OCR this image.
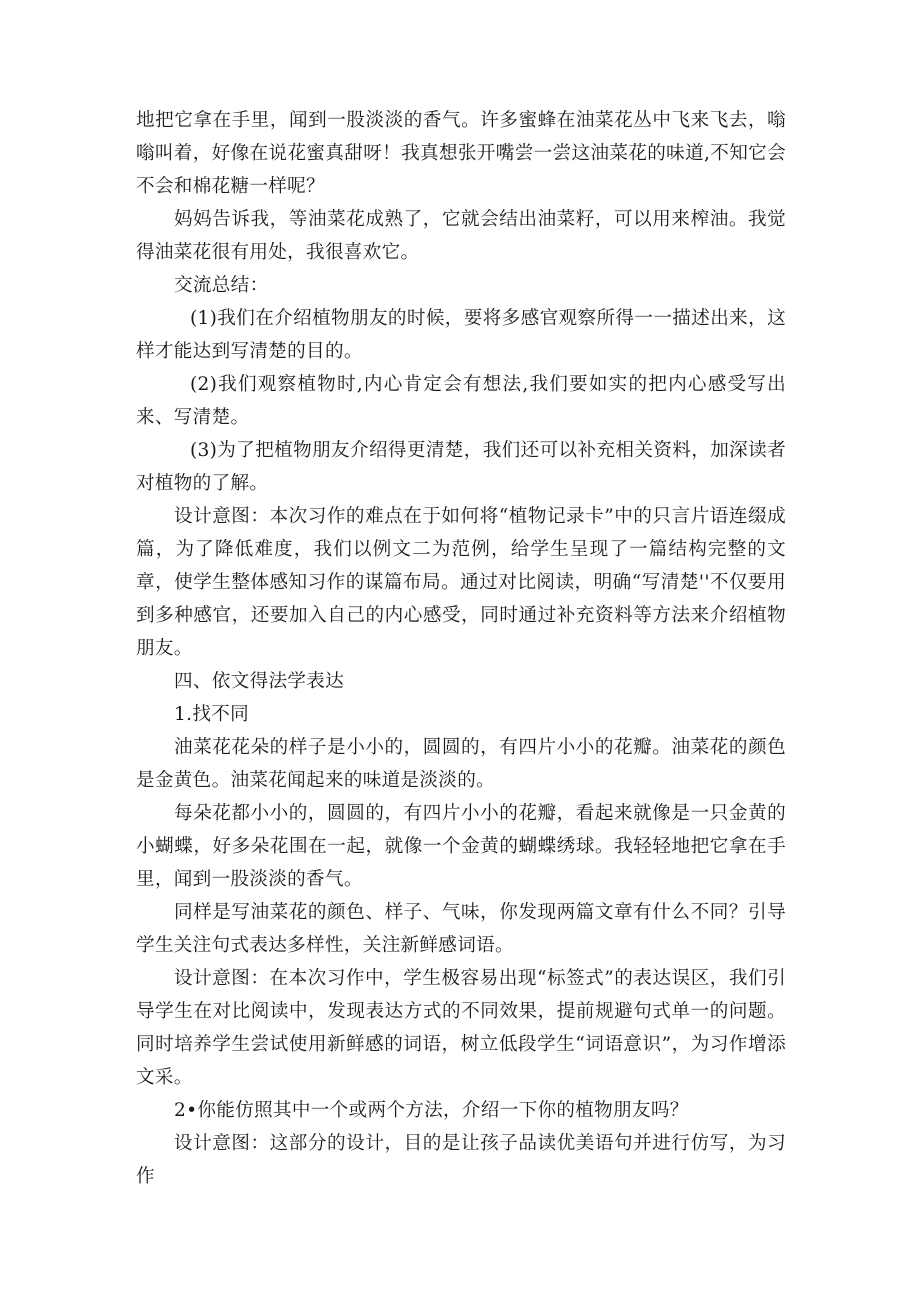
地把它拿在手里，闻到一股淡淡的香气。许多蜜蜂在油菜花丛中飞来飞去，嗡嗡叫着，好像在说花蜜真甜呀！我真想张开嘴尝一尝这油菜花的味道,不知它会不会和棉花糖一样呢？

妈妈告诉我，等油菜花成熟了，它就会结出油菜籽，可以用来榨油。我觉得油菜花很有用处，我很喜欢它。

交流总结：

(1)我们在介绍植物朋友的时候，要将多感官观察所得一一描述出来，这样才能达到写清楚的目的。

(2)我们观察植物时,内心肯定会有想法,我们要如实的把内心感受写出来、写清楚。

(3)为了把植物朋友介绍得更清楚，我们还可以补充相关资料，加深读者对植物的了解。

设计意图：本次习作的难点在于如何将“植物记录卡”中的只言片语连缀成篇，为了降低难度，我们以例文二为范例，给学生呈现了一篇结构完整的文章，使学生整体感知习作的谋篇布局。通过对比阅读，明确“写清楚''不仅要用到多种感官，还要加入自己的内心感受，同时通过补充资料等方法来介绍植物朋友。

四、依文得法学表达

1.找不同

油菜花花朵的样子是小小的，圆圆的，有四片小小的花瓣。油菜花的颜色是金黄色。油菜花闻起来的味道是淡淡的。

每朵花都小小的，圆圆的，有四片小小的花瓣，看起来就像是一只金黄的小蝴蝶，好多朵花围在一起，就像一个金黄的蝴蝶绣球。我轻轻地把它拿在手里，闻到一股淡淡的香气。

同样是写油菜花的颜色、样子、气味，你发现两篇文章有什么不同？引导学生关注句式表达多样性，关注新鲜感词语。

设计意图：在本次习作中，学生极容易出现“标签式”的表达误区，我们引导学生在对比阅读中，发现表达方式的不同效果，提前规避句式单一的问题。同时培养学生尝试使用新鲜感的词语，树立低段学生“词语意识”，为习作增添文采。

2•你能仿照其中一个或两个方法，介绍一下你的植物朋友吗？

设计意图：这部分的设计，目的是让孩子品读优美语句并进行仿写，为习作
